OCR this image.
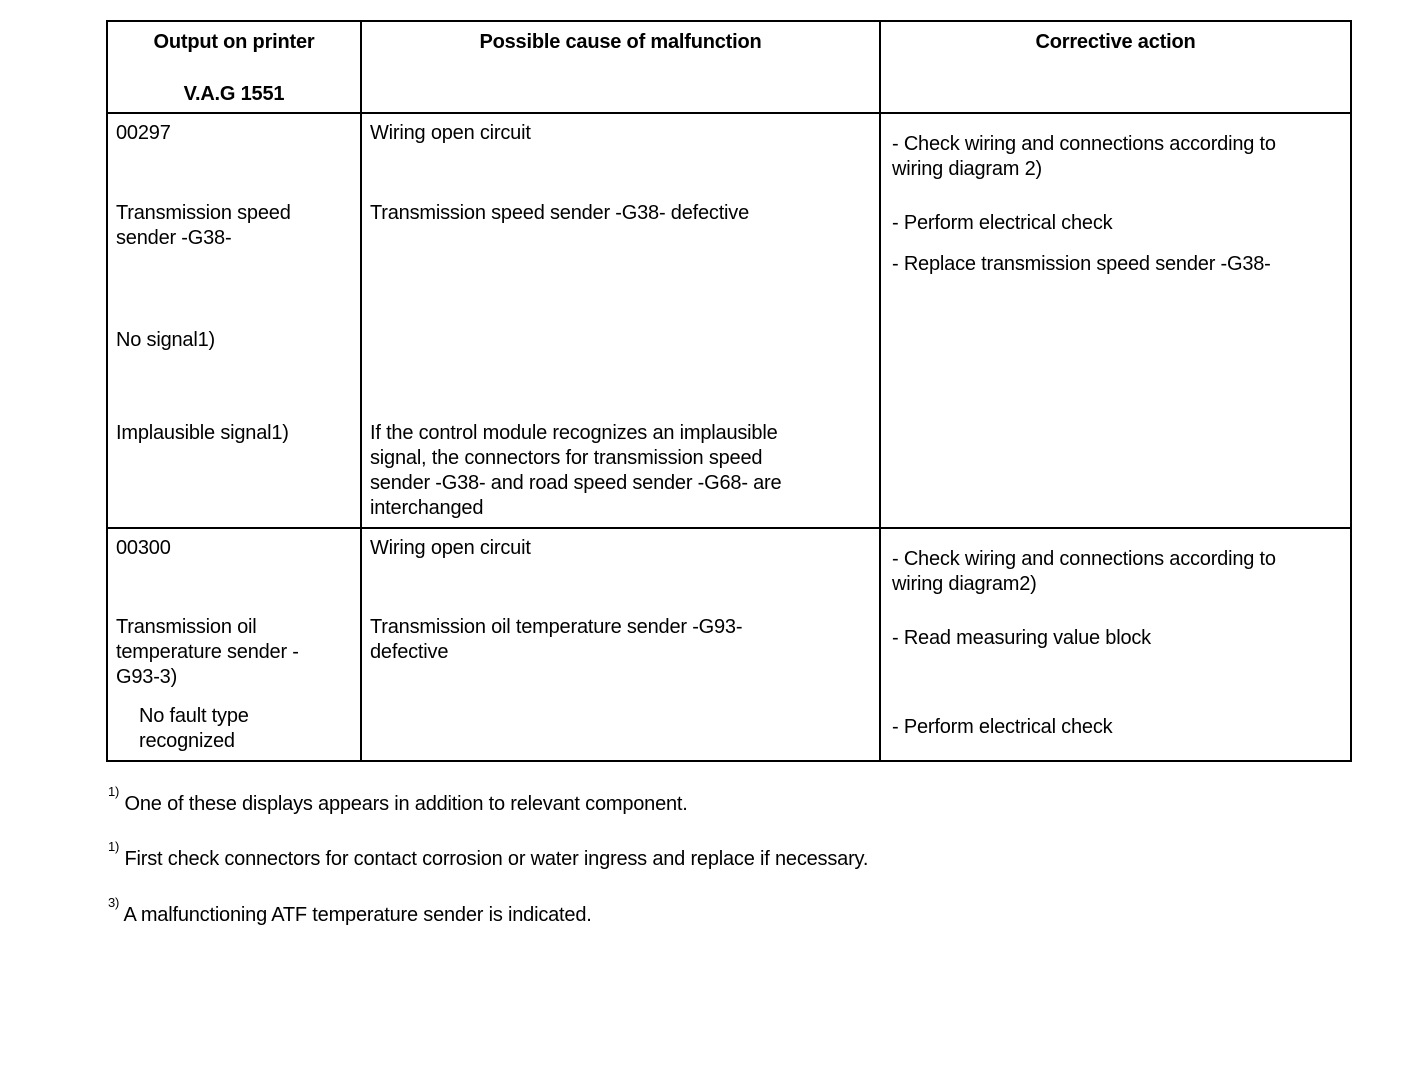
Output on printer
V.A.G 1551
Possible cause of malfunction	Corrective action
00297
Transmission speed
sender -G38-
No signal1)
Implausible signal1)
Wiring open circuit
Transmission speed sender -G38- defective
If the control module recognizes an implausible
signal, the connectors for transmission speed
sender -G38- and road speed sender -G68- are
interchanged
- Check wiring and connections according to
wiring diagram 2)
- Perform electrical check
- Replace transmission speed sender -G38-
00300
Transmission oil
temperature sender -
G93-3)
No fault type
recognized
Wiring open circuit
Transmission oil temperature sender -G93-
defective
- Check wiring and connections according to
wiring diagram2)
- Read measuring value block
- Perform electrical check
$^{1)}$ One of these displays appears in addition to relevant component.
$^{1)}$ First check connectors for contact corrosion or water ingress and replace if necessary.
$^{3)}$ A malfunctioning ATF temperature sender is indicated.
